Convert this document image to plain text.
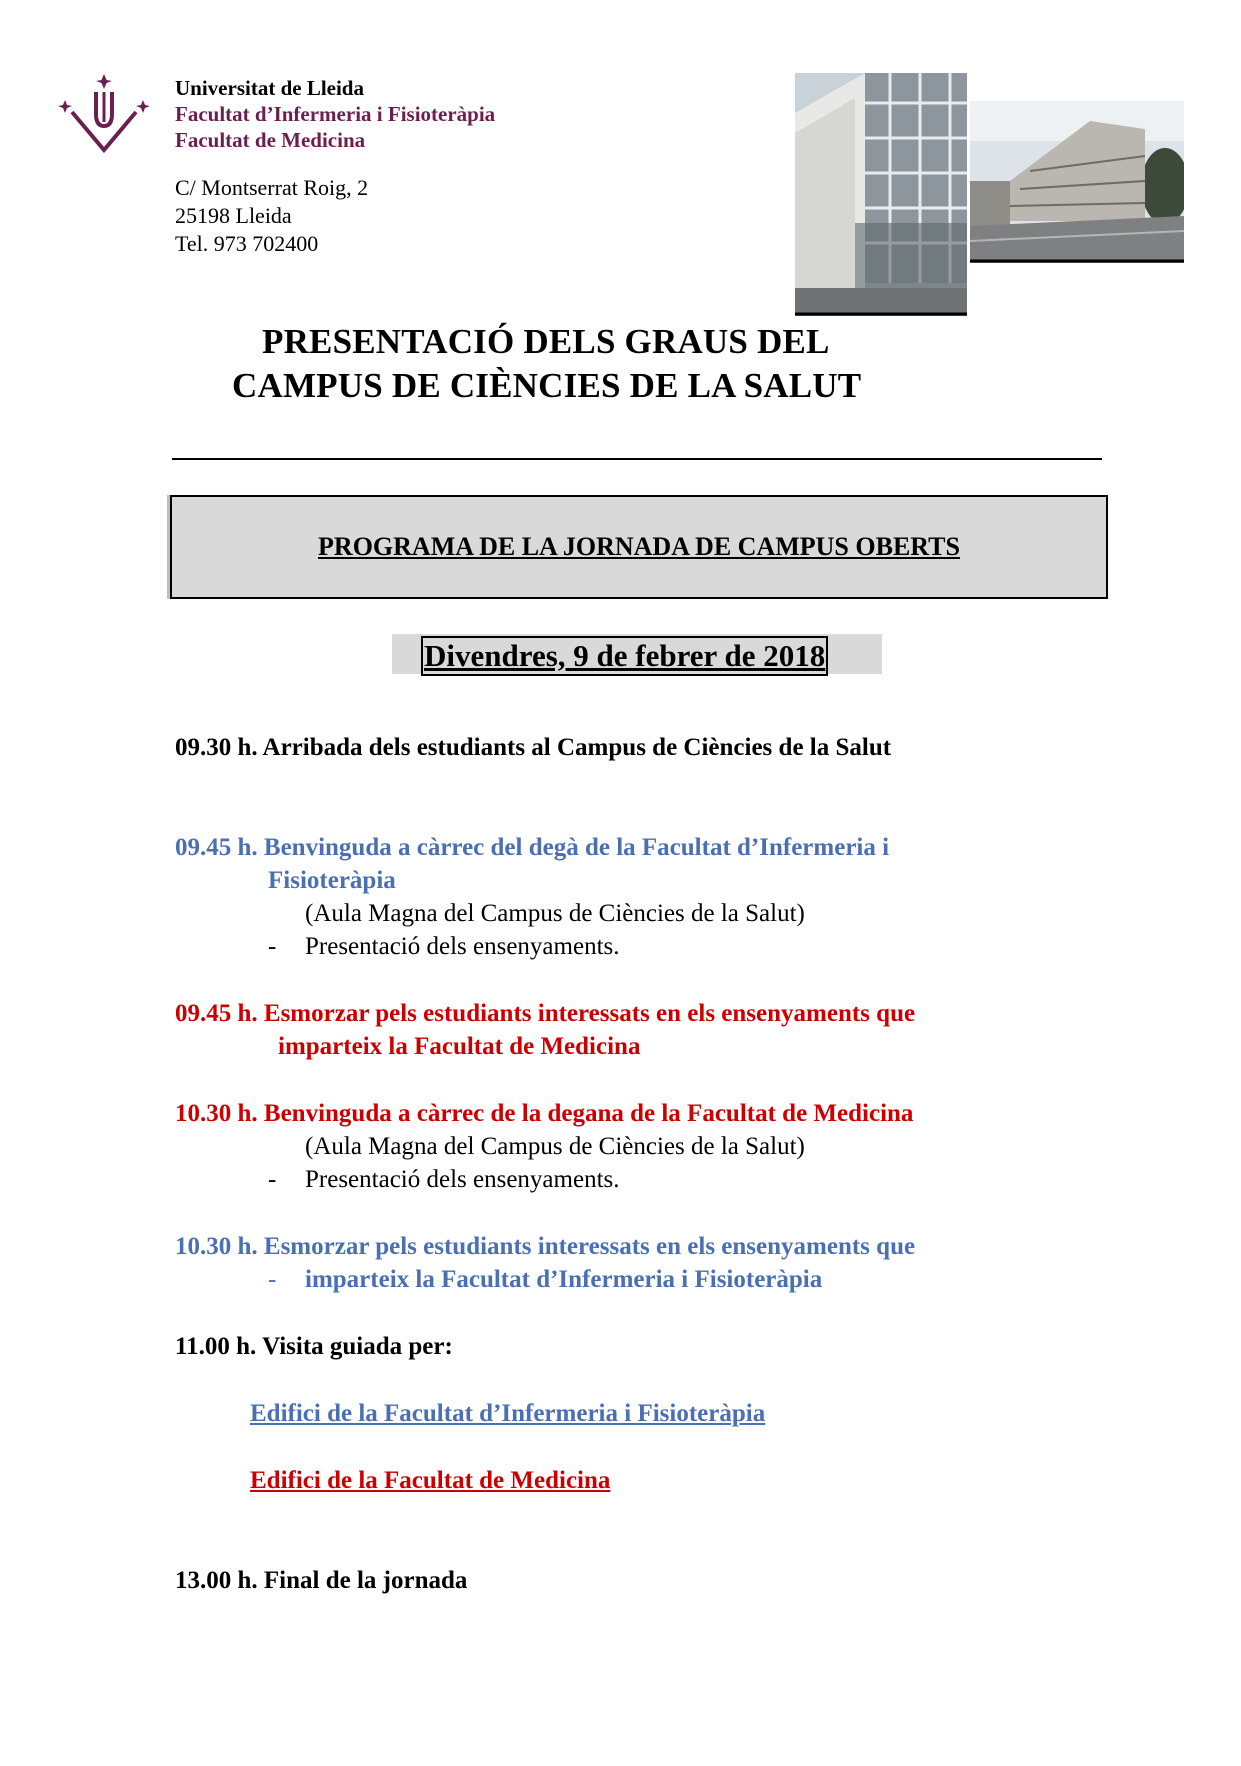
Universitat de Lleida
Facultat d’Infermeria i Fisioteràpia
Facultat de Medicina
C/ Montserrat Roig, 2
25198 Lleida
Tel. 973 702400
PRESENTACIÓ DELS GRAUS DEL
CAMPUS DE CIÈNCIES DE LA SALUT
PROGRAMA DE LA JORNADA DE CAMPUS OBERTS
Divendres, 9 de febrer de 2018
09.30 h. Arribada dels estudiants al Campus de Ciències de la Salut
09.45 h. Benvinguda a càrrec del degà de la Facultat d’Infermeria i
Fisioteràpia
(Aula Magna del Campus de Ciències de la Salut)
- Presentació dels ensenyaments.
09.45 h. Esmorzar pels estudiants interessats en els ensenyaments que
imparteix la Facultat de Medicina
10.30 h. Benvinguda a càrrec de la degana de la Facultat de Medicina
(Aula Magna del Campus de Ciències de la Salut)
- Presentació dels ensenyaments.
10.30 h. Esmorzar pels estudiants interessats en els ensenyaments que
- imparteix la Facultat d’Infermeria i Fisioteràpia
11.00 h. Visita guiada per:
Edifici de la Facultat d’Infermeria i Fisioteràpia
Edifici de la Facultat de Medicina
13.00 h. Final de la jornada
